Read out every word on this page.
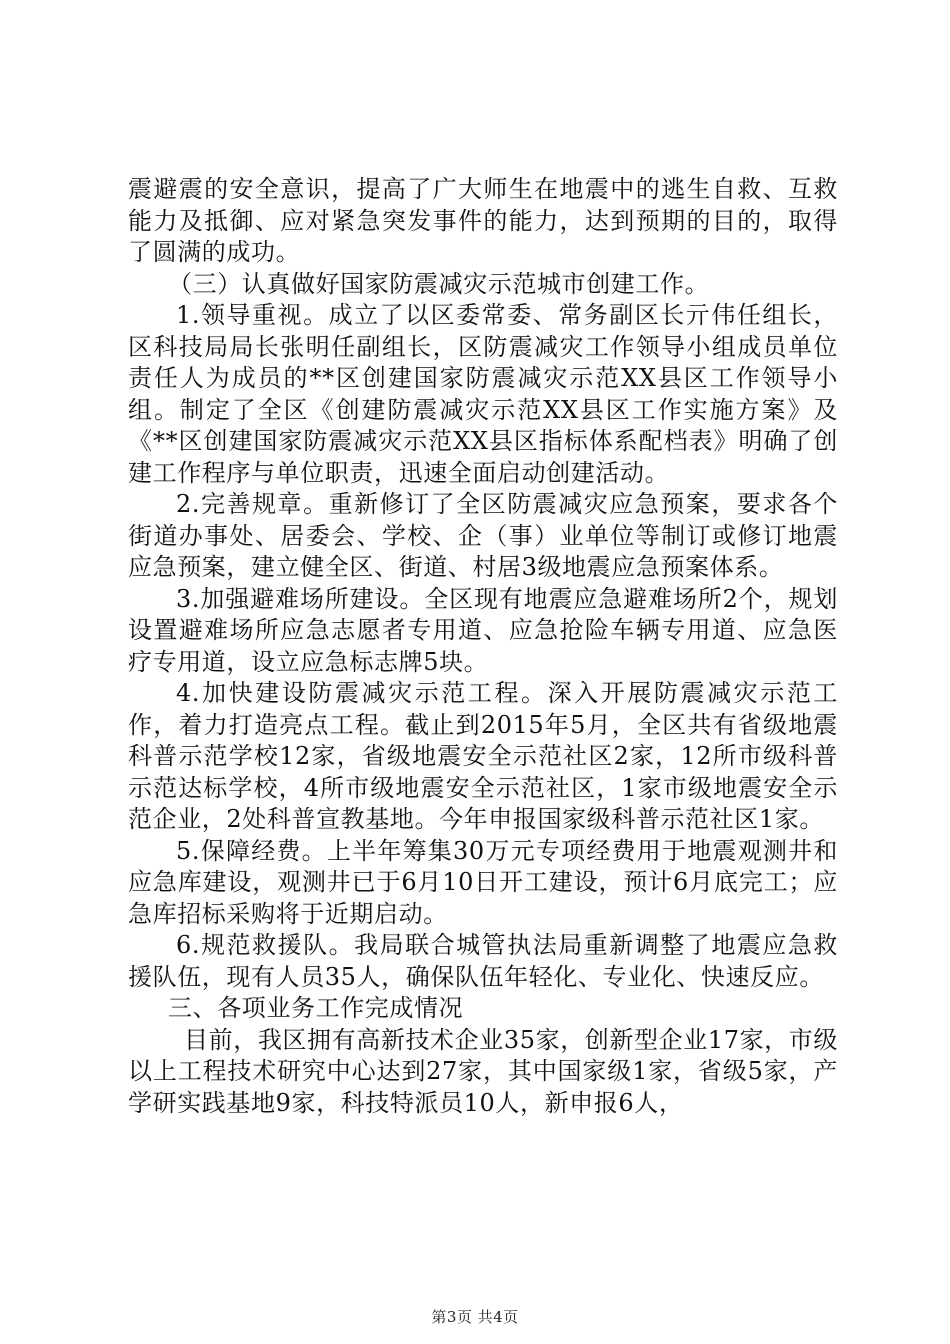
震避震的安全意识，提高了广大师生在地震中的逃生自救、互救能力及抵御、应对紧急突发事件的能力，达到预期的目的，取得了圆满的成功。

（三）认真做好国家防震减灾示范城市创建工作。

1.领导重视。成立了以区委常委、常务副区长亓伟任组长，区科技局局长张明任副组长，区防震减灾工作领导小组成员单位责任人为成员的**区创建国家防震减灾示范XX县区工作领导小组。制定了全区《创建防震减灾示范XX县区工作实施方案》及《**区创建国家防震减灾示范XX县区指标体系配档表》明确了创建工作程序与单位职责，迅速全面启动创建活动。

2.完善规章。重新修订了全区防震减灾应急预案，要求各个街道办事处、居委会、学校、企（事）业单位等制订或修订地震应急预案，建立健全区、街道、村居3级地震应急预案体系。

3.加强避难场所建设。全区现有地震应急避难场所2个，规划设置避难场所应急志愿者专用道、应急抢险车辆专用道、应急医疗专用道，设立应急标志牌5块。

4.加快建设防震减灾示范工程。深入开展防震减灾示范工作，着力打造亮点工程。截止到2015年5月，全区共有省级地震科普示范学校12家，省级地震安全示范社区2家，12所市级科普示范达标学校，4所市级地震安全示范社区，1家市级地震安全示范企业，2处科普宣教基地。今年申报国家级科普示范社区1家。

5.保障经费。上半年筹集30万元专项经费用于地震观测井和应急库建设，观测井已于6月10日开工建设，预计6月底完工；应急库招标采购将于近期启动。

6.规范救援队。我局联合城管执法局重新调整了地震应急救援队伍，现有人员35人，确保队伍年轻化、专业化、快速反应。

三、各项业务工作完成情况

目前，我区拥有高新技术企业35家，创新型企业17家，市级以上工程技术研究中心达到27家，其中国家级1家，省级5家，产学研实践基地9家，科技特派员10人，新申报6人，

第3页 共4页
